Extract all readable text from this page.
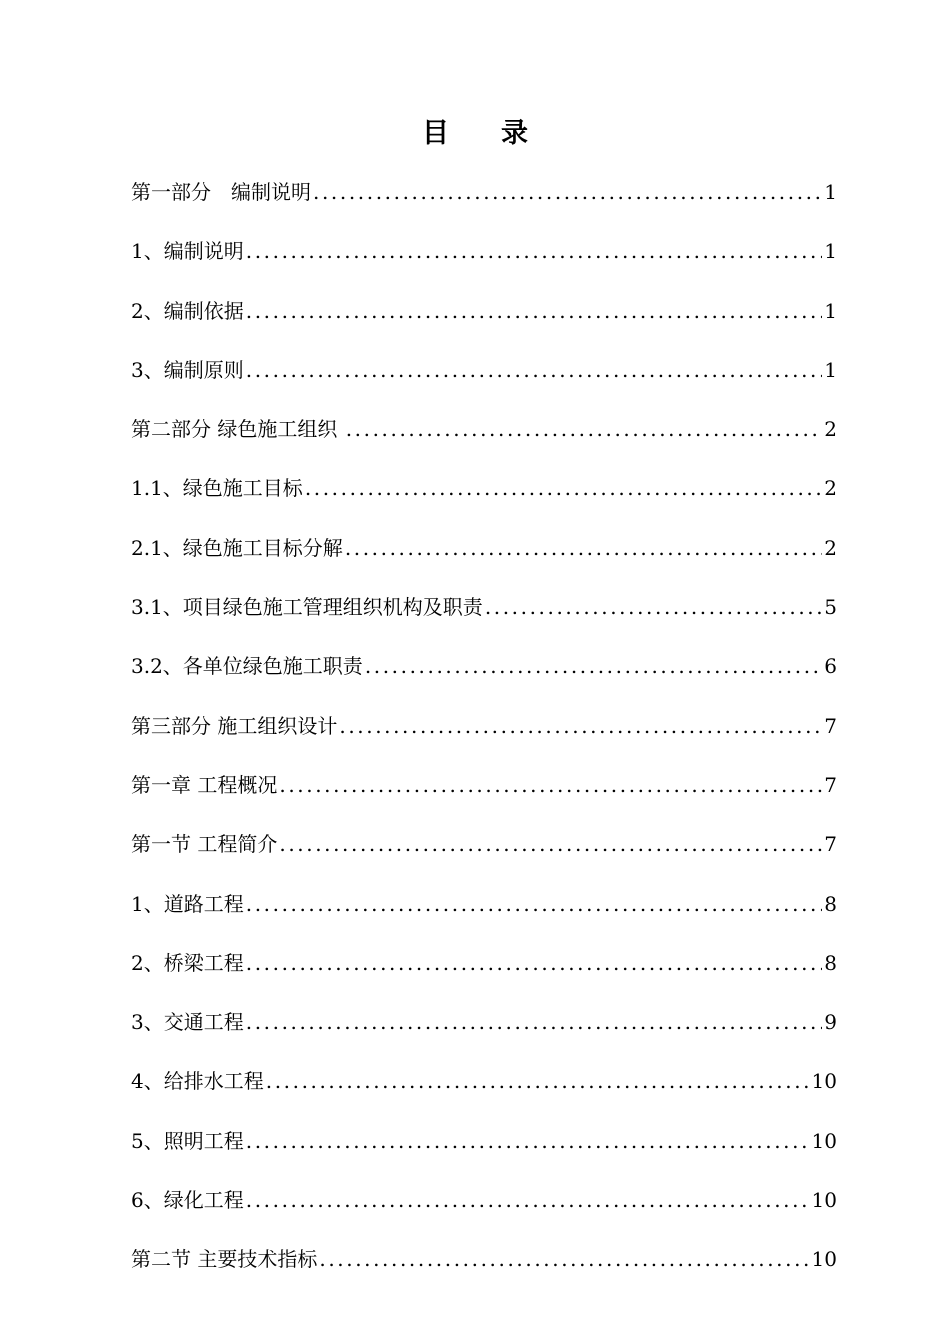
目录
第一部分　编制说明 .....	1
1、编制说明 .....	1
2、编制依据 .....	1
3、编制原则 .....	1
第二部分 绿色施工组织 .....	2
1.1、绿色施工目标 .....	2
2.1、绿色施工目标分解 .....	2
3.1、项目绿色施工管理组织机构及职责 .....	5
3.2、各单位绿色施工职责 .....	6
第三部分 施工组织设计 .....	7
第一章 工程概况 .....	7
第一节 工程简介 .....	7
1、道路工程 .....	8
2、桥梁工程 .....	8
3、交通工程 .....	9
4、给排水工程 .....	10
5、照明工程 .....	10
6、绿化工程 .....	10
第二节 主要技术指标 .....	10
